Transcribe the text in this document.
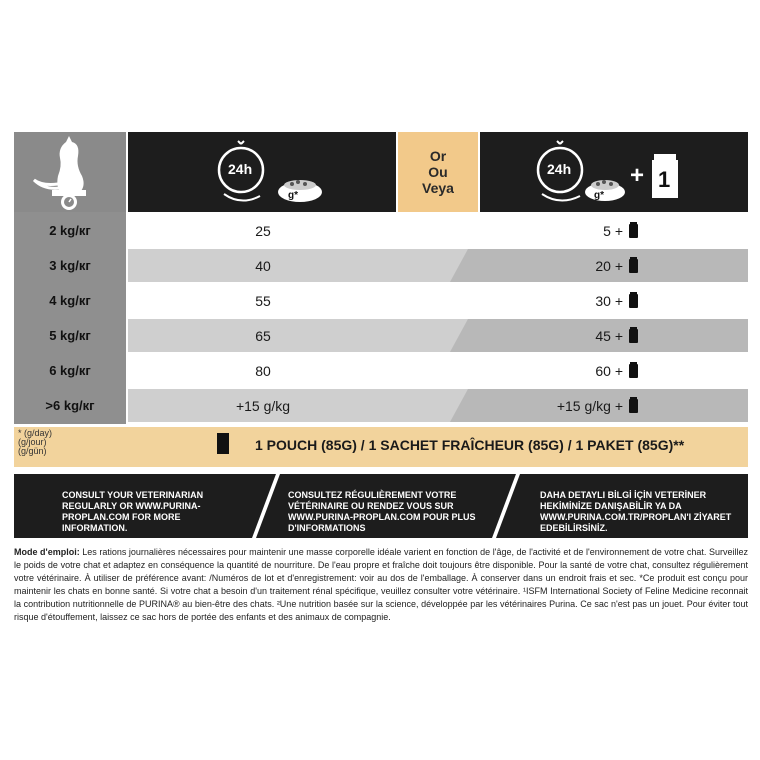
24h
g*
Or
Ou
Veya
24h
g*
+ 1
2 kg/кг	25	5 +
3 kg/кг	40	20 +
4 kg/кг	55	30 +
5 kg/кг	65	45 +
6 kg/кг	80	60 +
>6 kg/кг	+15 g/kg	+15 g/kg +
* (g/day)
(g/jour)
(g/gün)	1 POUCH (85G) / 1 SACHET FRAÎCHEUR (85G) / 1 PAKET (85G)**
CONSULT YOUR VETERINARIAN REGULARLY OR WWW.PURINA-PROPLAN.COM FOR MORE INFORMATION.
CONSULTEZ RÉGULIÈREMENT VOTRE VÉTÉRINAIRE OU RENDEZ VOUS SUR WWW.PURINA-PROPLAN.COM POUR PLUS D'INFORMATIONS
DAHA DETAYLI BİLGİ İÇİN VETERİNER HEKİMİNİZE DANIŞABİLİR YA DA WWW.PURINA.COM.TR/PROPLAN'I ZİYARET EDEBİLİRSİNİZ.
Mode d'emploi: Les rations journalières nécessaires pour maintenir une masse corporelle idéale varient en fonction de l'âge, de l'activité et de l'environnement de votre chat. Surveillez le poids de votre chat et adaptez en conséquence la quantité de nourriture. De l'eau propre et fraîche doit toujours être disponible. Pour la santé de votre chat, consultez régulièrement votre vétérinaire. À utiliser de préférence avant: /Numéros de lot et d'enregistrement: voir au dos de l'emballage. À conserver dans un endroit frais et sec. *Ce produit est conçu pour maintenir les chats en bonne santé. Si votre chat a besoin d'un traitement rénal spécifique, veuillez consulter votre vétérinaire. ¹ISFM International Society of Feline Medicine reconnait la contribution nutritionnelle de PURINA® au bien-être des chats. ²Une nutrition basée sur la science, développée par les vétérinaires Purina. Ce sac n'est pas un jouet. Pour éviter tout risque d'étouffement, laissez ce sac hors de portée des enfants et des animaux de compagnie.
